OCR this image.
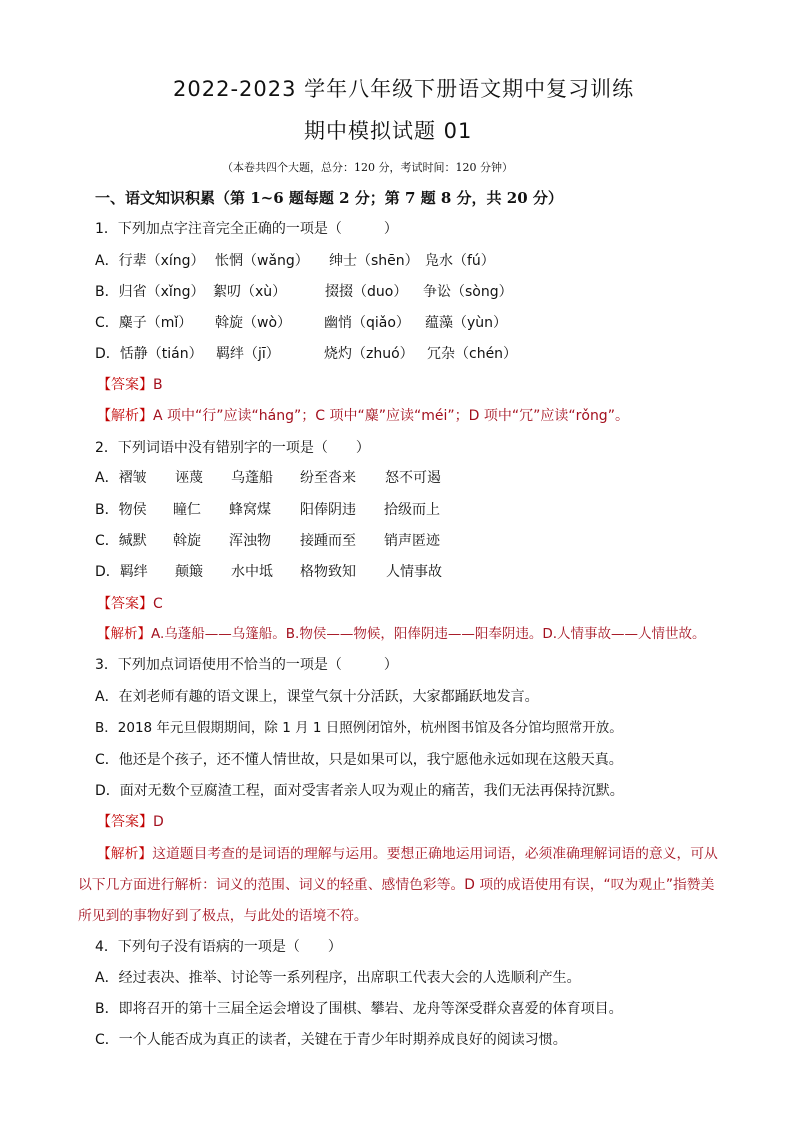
2022-2023 学年八年级下册语文期中复习训练
期中模拟试题 01
（本卷共四个大题，总分：120 分，考试时间：120 分钟）
一、语文知识积累（第 1~6 题每题 2 分；第 7 题 8 分，共 20 分）
1．下列加点字注音完全正确的一项是（　　　）
A．行辈（xíng） 怅惘（wǎng） 绅士（shēn） 凫水（fú）
B．归省（xǐng） 絮叨（xù）	掇掇（duo） 争讼（sòng）
C．麋子（mǐ） 斡旋（wò） 幽悄（qiǎo） 蕴藻（yùn）
D．恬静（tián） 羁绊（jī）	烧灼（zhuó） 冗杂（chén）
【答案】B
【解析】A 项中“行”应读“háng”；C 项中“麋”应读“méi”；D 项中“冗”应读“rǒng”。
2．下列词语中没有错别字的一项是（　　）
A．褶皱 诬蔑 乌蓬船 纷至沓来 怒不可遏
B．物侯 瞳仁 蜂窝煤 阳俸阴违 拾级而上
C．缄默 斡旋 浑浊物 接踵而至 销声匿迹
D．羁绊 颠簸 水中坻 格物致知 人情事故
【答案】C
【解析】A.乌蓬船——乌篷船。B.物侯——物候，阳俸阴违——阳奉阴违。D.人情事故——人情世故。
3．下列加点词语使用不恰当的一项是（　　　）
A．在刘老师有趣的语文课上，课堂气氛十分活跃，大家都踊跃地发言。
B．2018 年元旦假期期间，除 1 月 1 日照例闭馆外，杭州图书馆及各分馆均照常开放。
C．他还是个孩子，还不懂人情世故，只是如果可以，我宁愿他永远如现在这般天真。
D．面对无数个豆腐渣工程，面对受害者亲人叹为观止的痛苦，我们无法再保持沉默。
【答案】D
【解析】这道题目考查的是词语的理解与运用。要想正确地运用词语，必须准确理解词语的意义，可从
以下几方面进行解析：词义的范围、词义的轻重、感情色彩等。D 项的成语使用有误，“叹为观止”指赞美
所见到的事物好到了极点，与此处的语境不符。
4．下列句子没有语病的一项是（　　）
A．经过表决、推举、讨论等一系列程序，出席职工代表大会的人选顺利产生。
B．即将召开的第十三届全运会增设了围棋、攀岩、龙舟等深受群众喜爱的体育项目。
C．一个人能否成为真正的读者，关键在于青少年时期养成良好的阅读习惯。
